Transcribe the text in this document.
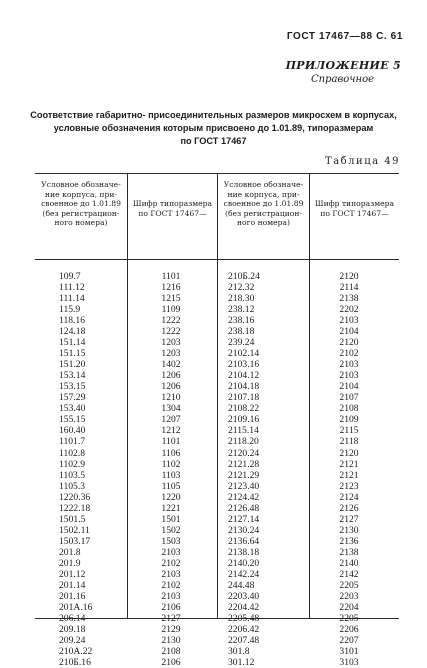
ГОСТ 17467—88 С. 61
ПРИЛОЖЕНИЕ 5
Справочное
Соответствие габаритно- присоединительных размеров микросхем в корпусах,
условные обозначения которым присвоено до 1.01.89, типоразмерам
по ГОСТ 17467
Таблица 49
Условное обозначе-
ние корпуса, при-
своенное до 1.01.89
(без регистрацион-
ного номера)
Шифр типоразмера
по ГОСТ 17467—
Условное обозначе-
ние корпуса, при-
своенное до 1.01.89
(без регистрацион-
ного номера)
Шифр типоразмера
по ГОСТ 17467—
109.7
111.12
111.14
115.9
118.16
124.18
151.14
151.15
151.20
153.14
153.15
157.29
153.40
155.15
160.40
1101.7
1102.8
1102.9
1103.5
1105.3
1220.36
1222.18
1501.5
1502.11
1503.17
201.8
201.9
201.12
201.14
201.16
201А.16
206.14
209.18
209.24
210А.22
210Б.16
1101
1216
1215
1109
1222
1222
1203
1203
1402
1206
1206
1210
1304
1207
1212
1101
1106
1102
1103
1105
1220
1221
1501
1502
1503
2103
2102
2103
2102
2103
2106
2127
2129
2130
2108
2106
210Б.24
212.32
218.30
238.12
238.16
238.18
239.24
2102.14
2103.16
2104.12
2104.18
2107.18
2108.22
2109.16
2115.14
2118.20
2120.24
2121.28
2121.29
2123.40
2124.42
2126.48
2127.14
2130.24
2136.64
2138.18
2140.20
2142.24
244.48
2203.40
2204.42
2205.48
2206.42
2207.48
301.8
301.12
2120
2114
2138
2202
2103
2104
2120
2102
2103
2103
2104
2107
2108
2109
2115
2118
2120
2121
2121
2123
2124
2126
2127
2130
2136
2138
2140
2142
2205
2203
2204
2205
2206
2207
3101
3103
